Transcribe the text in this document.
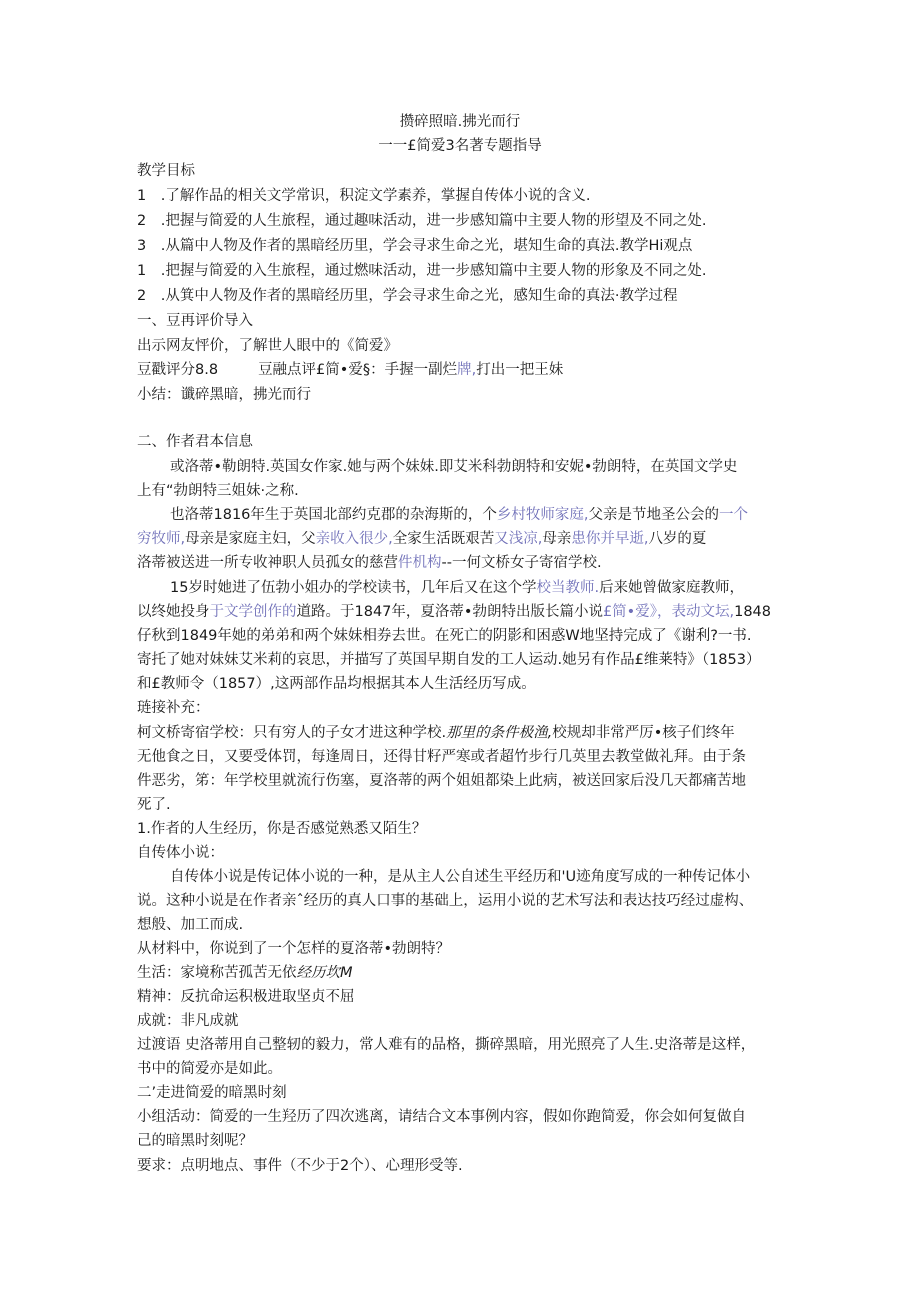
攒碎照暗.拂光而行
一一£简爱3名著专题指导
教学目标
1　.了解作品的相关文学常识，积淀文学素养，掌握自传体小说的含义.
2　.把握与简爱的人生旅程，通过趣味活动，进一步感知篇中主要人物的形望及不同之处.
3　.从篇中人物及作者的黑暗经历里，学会寻求生命之光，堪知生命的真法.教学Hi观点
1　.把握与简爱的入生旅程，通过燃味活动，进一步感知篇中主要人物的形象及不同之处.
2　.从箕中人物及作者的黑暗经历里，学会寻求生命之光，感知生命的真法·教学过程
一、豆再评价导入
出示网友怦价，了解世人眼中的《简爱》
豆戳评分8.8	豆融点评£简•爱§：手握一副烂牌,打出一把王妹
小结：谶碎黑暗，拂光而行
二、作者君本信息
或洛蒂•勒朗特.英国女作家.她与两个妹妹.即艾米科勃朗特和安妮•勃朗特，在英国文学史
上有“勃朗特三姐妹·之称.
也洛蒂1816年生于英国北部约克郡的杂海斯的，个乡村牧师家庭,父亲是节地圣公会的一个
穷牧师,母亲是家庭主妇，父亲收入很少,全家生活既艰苦又浅凉,母亲患你并早逝,八岁的夏
洛蒂被送进一所专收神职人员孤女的慈营件机构--一何文桥女子寄宿学校.
15岁时她进了伍勃小姐办的学校读书，几年后又在这个学校当教师.后来她曾做家庭教师，
以终她投身于文学创作的道路。于1847年，夏洛蒂•勃朗特出版长篇小说£简•爱》，表动文坛,1848
仔秋到1849年她的弟弟和两个妹妹相券去世。在死亡的阴影和困惑W地坚持完成了《谢利?一书.
寄托了她对妹妹艾米莉的哀思，并描写了英国早期自发的工人运动.她另有作品£维莱特》（1853）
和£教师令（1857）,这两部作品均根据其本人生活经历写成。
琏接补充：
柯文桥寄宿学校：只有穷人的子女才进这种学校.那里的条件极渔,校规却非常严厉•核子们终年
无他食之日，又要受体罚，每逢周日，还得甘籽严寒或者超竹步行几英里去教堂做礼拜。由于条
件恶劣，笫：年学校里就流行伤塞，夏洛蒂的两个姐姐都染上此病，被送回家后没几天都痛苦地
死了.
1.作者的人生经历，你是否感觉熟悉又陌生？
自传体小说：
自传体小说是传记体小说的一种，是从主人公自述生平经历和'U迹角度写成的一种传记体小
说。这种小说是在作者亲ˆ经历的真人口事的基础上，运用小说的艺术写法和表达技巧经过虚构、
想般、加工而成.
从材料中，你说到了一个怎样的夏洛蒂•勃朗特？
生活：家境称苦孤苦无依经历坎M
精神：反抗命运积极进取坚贞不屈
成就：非凡成就
过渡语 史洛蒂用自己整轫的毅力，常人难有的品格，撕碎黑暗，用光照亮了人生.史洛蒂是这样，
书中的简爱亦是如此。
二’走进简爱的暗黑时刻
小组活动：简爱的一生羟历了四次逃离，请结合文本事例内容，假如你跑简爱，你会如何复做自
己的暗黑时刻呢？
要求：点明地点、事件（不少于2个）、心理形受等.
